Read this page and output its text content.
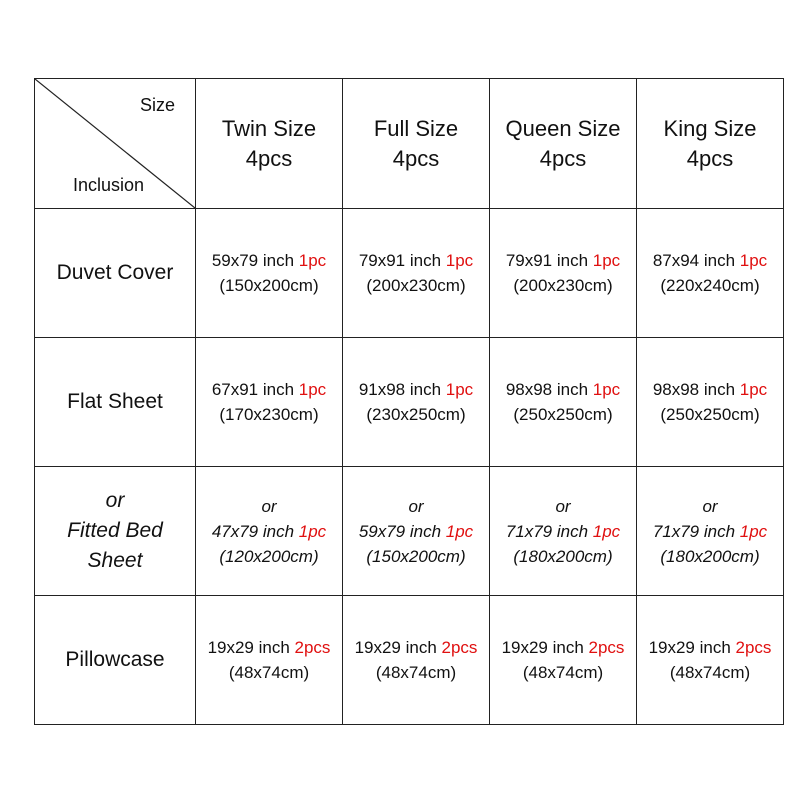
Size
Inclusion	Twin Size
4pcs	Full Size
4pcs	Queen Size
4pcs	King Size
4pcs

Duvet Cover	59x79 inch 1pc
(150x200cm)	79x91 inch 1pc
(200x230cm)	79x91 inch 1pc
(200x230cm)	87x94 inch 1pc
(220x240cm)

Flat Sheet	67x91 inch 1pc
(170x230cm)	91x98 inch 1pc
(230x250cm)	98x98 inch 1pc
(250x250cm)	98x98 inch 1pc
(250x250cm)

or
Fitted Bed
Sheet	or
47x79 inch 1pc
(120x200cm)	or
59x79 inch 1pc
(150x200cm)	or
71x79 inch 1pc
(180x200cm)	or
71x79 inch 1pc
(180x200cm)

Pillowcase	19x29 inch 2pcs
(48x74cm)	19x29 inch 2pcs
(48x74cm)	19x29 inch 2pcs
(48x74cm)	19x29 inch 2pcs
(48x74cm)
